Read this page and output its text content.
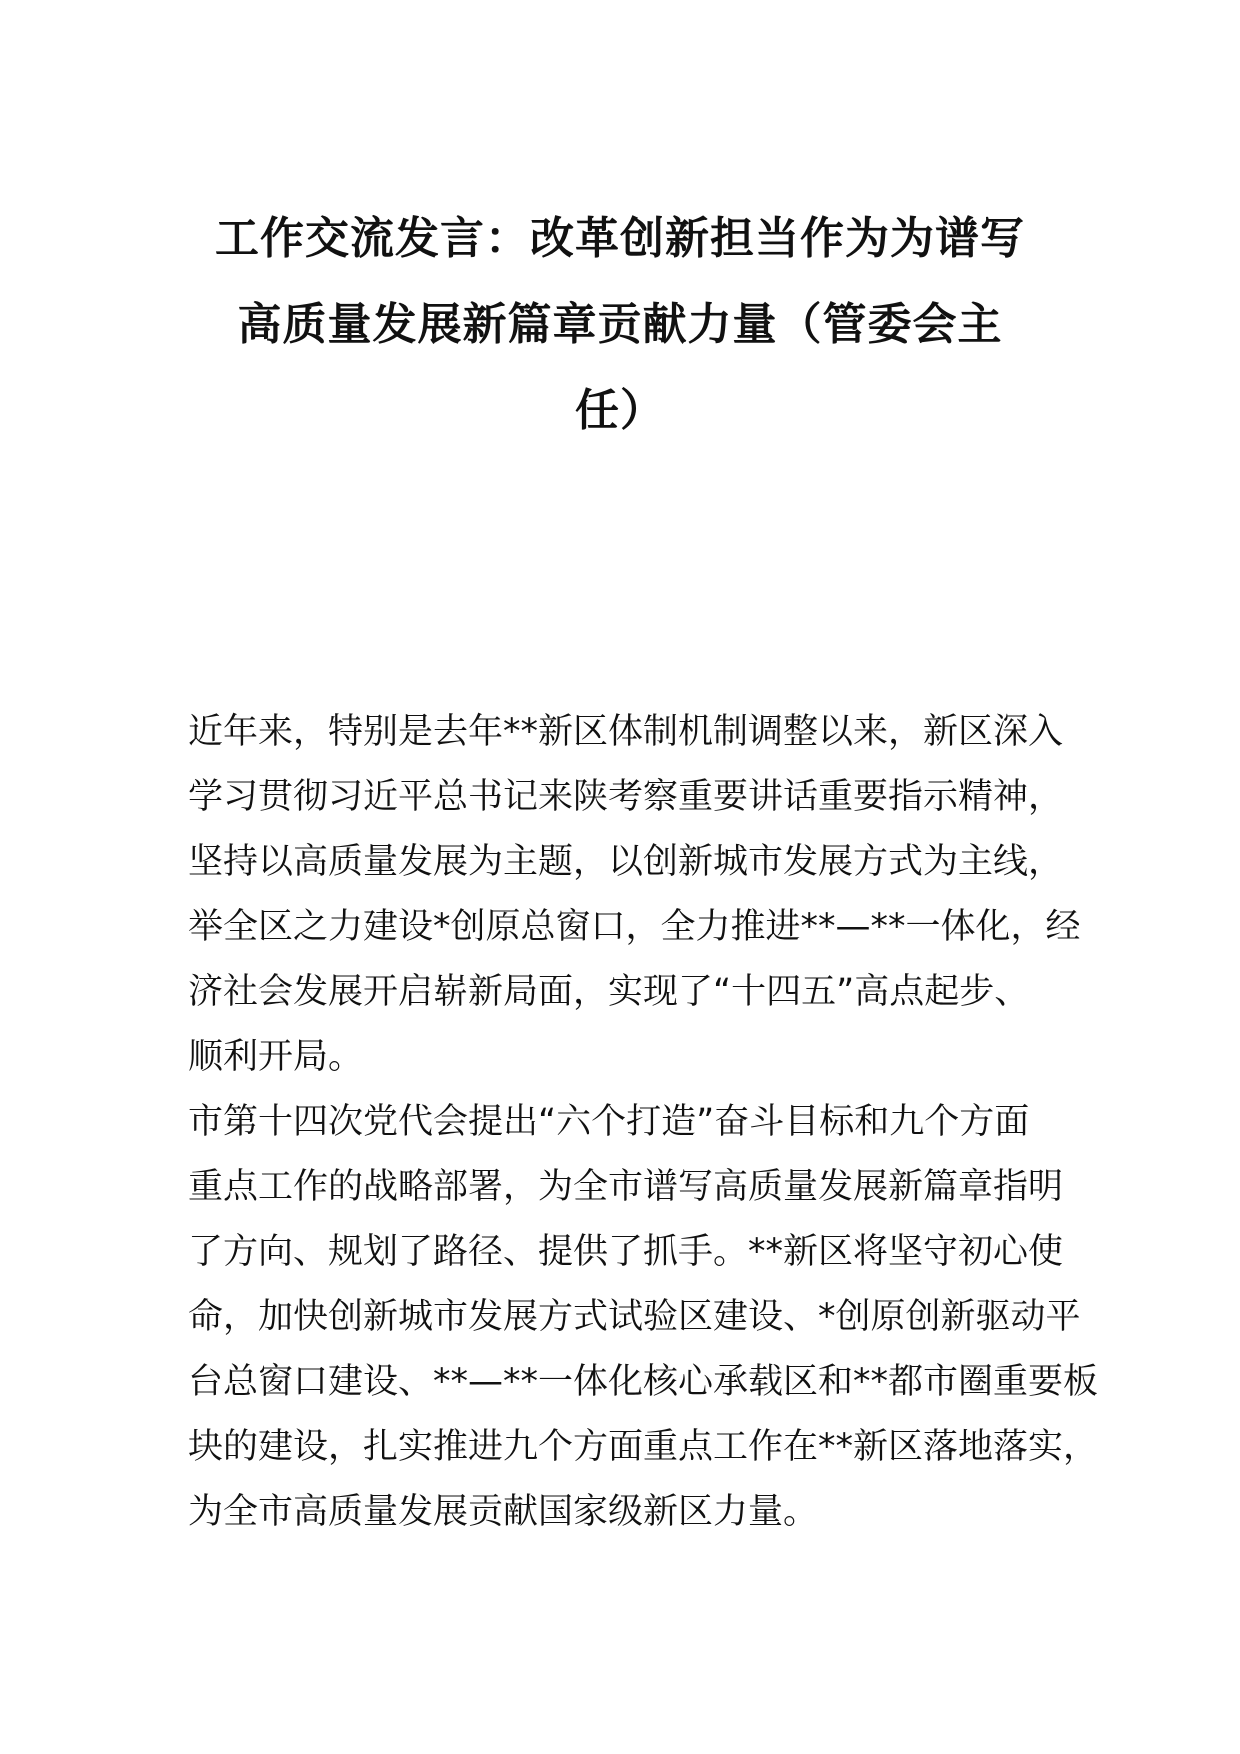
工作交流发言：改革创新担当作为为谱写
高质量发展新篇章贡献力量（管委会主
任）
近年来，特别是去年**新区体制机制调整以来，新区深入
学习贯彻习近平总书记来陕考察重要讲话重要指示精神，
坚持以高质量发展为主题，以创新城市发展方式为主线，
举全区之力建设*创原总窗口，全力推进**—**一体化，经
济社会发展开启崭新局面，实现了“十四五”高点起步、
顺利开局。
市第十四次党代会提出“六个打造”奋斗目标和九个方面
重点工作的战略部署，为全市谱写高质量发展新篇章指明
了方向、规划了路径、提供了抓手。**新区将坚守初心使
命，加快创新城市发展方式试验区建设、*创原创新驱动平
台总窗口建设、**—**一体化核心承载区和**都市圈重要板
块的建设，扎实推进九个方面重点工作在**新区落地落实，
为全市高质量发展贡献国家级新区力量。
